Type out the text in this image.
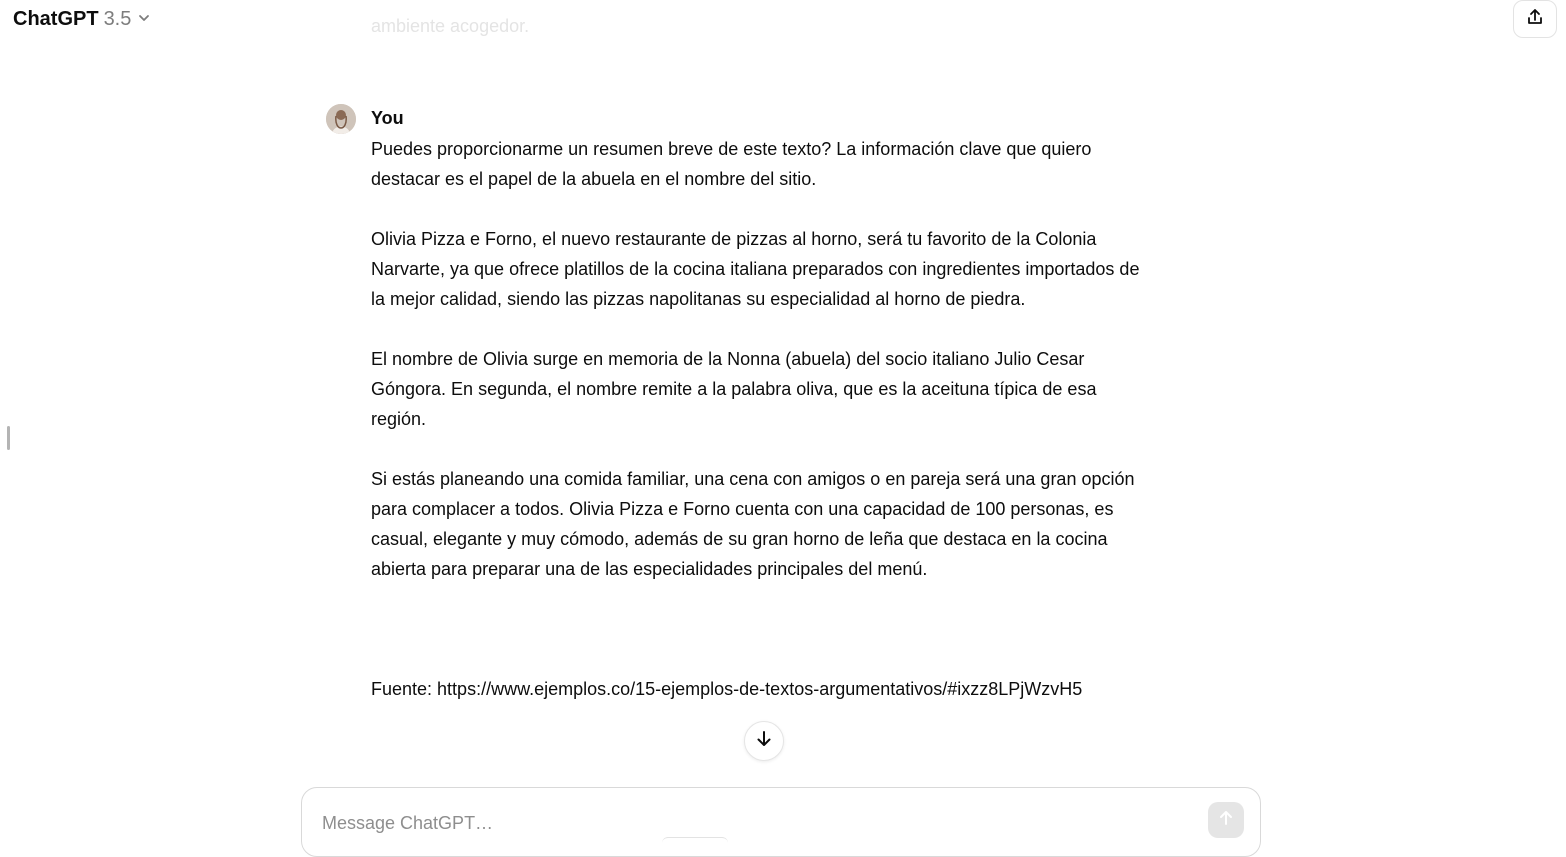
ChatGPT 3.5	ambiente acogedor.
You

Puedes proporcionarme un resumen breve de este texto? La información clave que quiero destacar es el papel de la abuela en el nombre del sitio.

Olivia Pizza e Forno, el nuevo restaurante de pizzas al horno, será tu favorito de la Colonia Narvarte, ya que ofrece platillos de la cocina italiana preparados con ingredientes importados de la mejor calidad, siendo las pizzas napolitanas su especialidad al horno de piedra.

El nombre de Olivia surge en memoria de la Nonna (abuela) del socio italiano Julio Cesar Góngora. En segunda, el nombre remite a la palabra oliva, que es la aceituna típica de esa región.

Si estás planeando una comida familiar, una cena con amigos o en pareja será una gran opción para complacer a todos. Olivia Pizza e Forno cuenta con una capacidad de 100 personas, es casual, elegante y muy cómodo, además de su gran horno de leña que destaca en la cocina abierta para preparar una de las especialidades principales del menú.

Fuente: https://www.ejemplos.co/15-ejemplos-de-textos-argumentativos/#ixzz8LPjWzvH5

Message ChatGPT…
